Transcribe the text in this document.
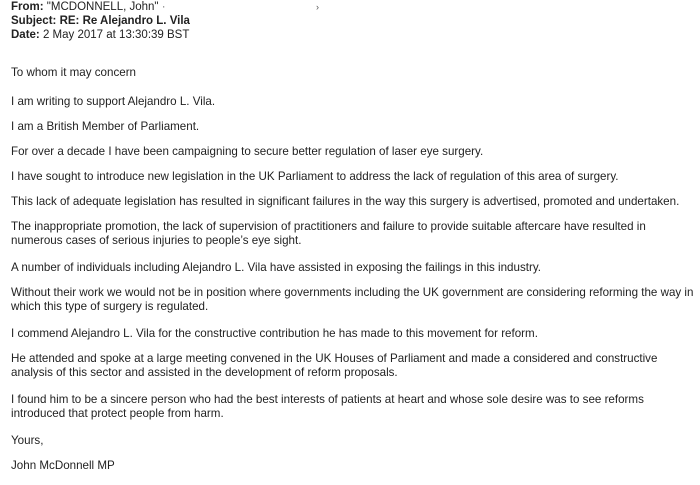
From: "MCDONNELL, John" ·	›
Subject: RE: Re Alejandro L. Vila
Date: 2 May 2017 at 13:30:39 BST

To whom it may concern

I am writing to support Alejandro L. Vila.

I am a British Member of Parliament.

For over a decade I have been campaigning to secure better regulation of laser eye surgery.

I have sought to introduce new legislation in the UK Parliament to address the lack of regulation of this area of surgery.

This lack of adequate legislation has resulted in significant failures in the way this surgery is advertised, promoted and undertaken.

The inappropriate promotion, the lack of supervision of practitioners and failure to provide suitable aftercare have resulted in
numerous cases of serious injuries to people’s eye sight.

A number of individuals including Alejandro L. Vila have assisted in exposing the failings in this industry.

Without their work we would not be in position where governments including the UK government are considering reforming the way in
which this type of surgery is regulated.

I commend Alejandro L. Vila for the constructive contribution he has made to this movement for reform.

He attended and spoke at a large meeting convened in the UK Houses of Parliament and made a considered and constructive
analysis of this sector and assisted in the development of reform proposals.

I found him to be a sincere person who had the best interests of patients at heart and whose sole desire was to see reforms
introduced that protect people from harm.

Yours,

John McDonnell MP
